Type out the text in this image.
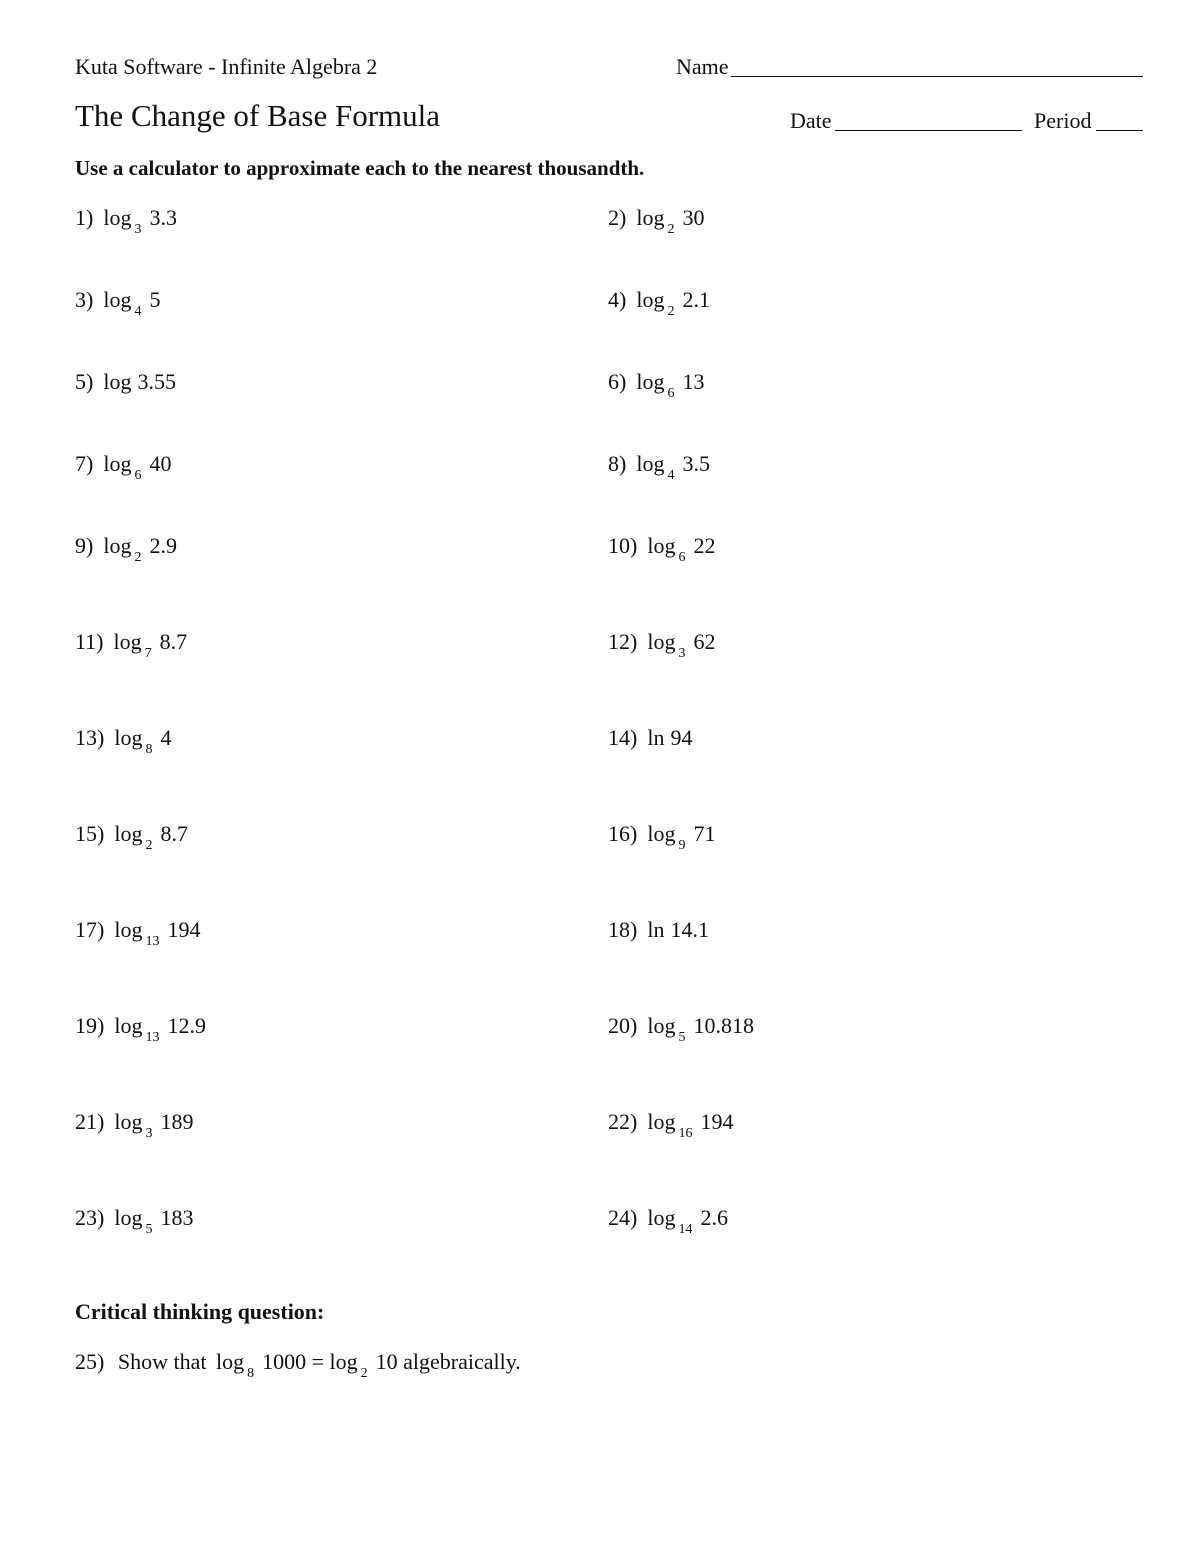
Kuta Software - Infinite Algebra 2	Name
The Change of Base Formula	Date	Period
Use a calculator to approximate each to the nearest thousandth.
1) log $_3$ 3.3	2) log $_2$ 30
3) log $_4$ 5	4) log $_2$ 2.1
5) log 3.55	6) log $_6$ 13
7) log $_6$ 40	8) log $_4$ 3.5
9) log $_2$ 2.9	10) log $_6$ 22
11) log $_7$ 8.7	12) log $_3$ 62
13) log $_8$ 4	14) ln 94
15) log $_2$ 8.7	16) log $_9$ 71
17) log $_{13}$ 194	18) ln 14.1
19) log $_{13}$ 12.9	20) log $_5$ 10.818
21) log $_3$ 189	22) log $_{16}$ 194
23) log $_5$ 183	24) log $_{14}$ 2.6
Critical thinking question:
25) Show that log $_8$ 1000 = log $_2$ 10 algebraically.
